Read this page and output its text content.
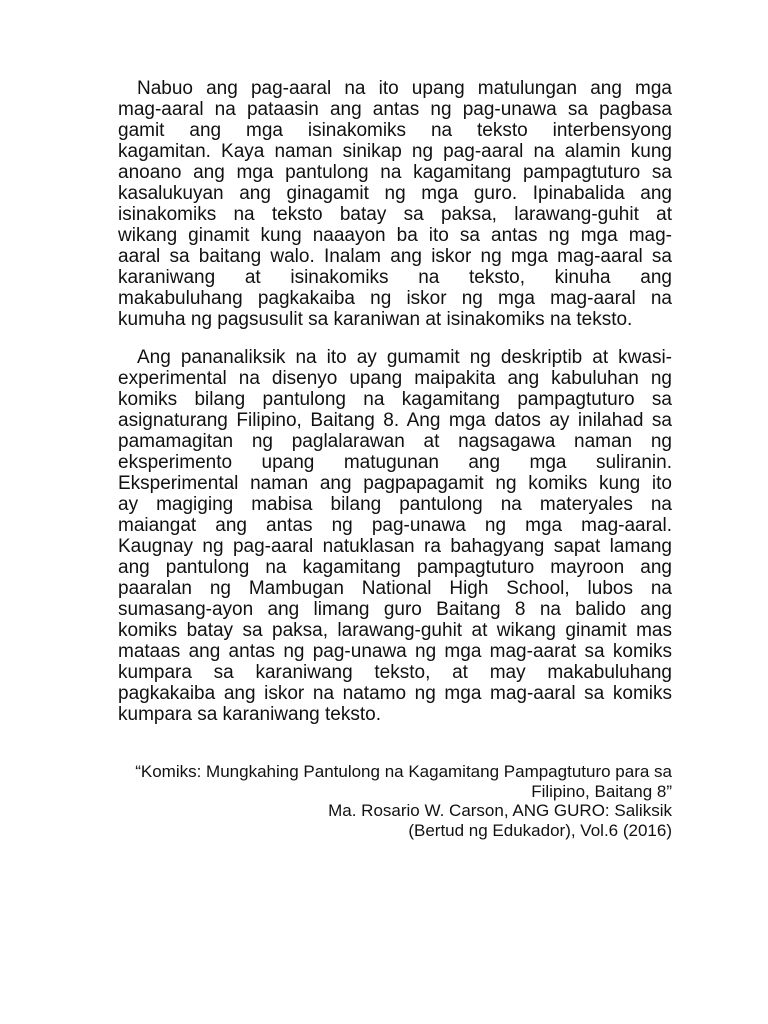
Nabuo ang pag-aaral na ito upang matulungan ang mga
mag-aaral na pataasin ang antas ng pag-unawa sa pagbasa
gamit ang mga isinakomiks na teksto interbensyong
kagamitan. Kaya naman sinikap ng pag-aaral na alamin kung
anoano ang mga pantulong na kagamitang pampagtuturo sa
kasalukuyan ang ginagamit ng mga guro. Ipinabalida ang
isinakomiks na teksto batay sa paksa, larawang-guhit at
wikang ginamit kung naaayon ba ito sa antas ng mga mag-
aaral sa baitang walo. Inalam ang iskor ng mga mag-aaral sa
karaniwang at isinakomiks na teksto, kinuha ang
makabuluhang pagkakaiba ng iskor ng mga mag-aaral na
kumuha ng pagsusulit sa karaniwan at isinakomiks na teksto.
Ang pananaliksik na ito ay gumamit ng deskriptib at kwasi-
experimental na disenyo upang maipakita ang kabuluhan ng
komiks bilang pantulong na kagamitang pampagtuturo sa
asignaturang Filipino, Baitang 8. Ang mga datos ay inilahad sa
pamamagitan ng paglalarawan at nagsagawa naman ng
eksperimento upang matugunan ang mga suliranin.
Eksperimental naman ang pagpapagamit ng komiks kung ito
ay magiging mabisa bilang pantulong na materyales na
maiangat ang antas ng pag-unawa ng mga mag-aaral.
Kaugnay ng pag-aaral natuklasan ra bahagyang sapat lamang
ang pantulong na kagamitang pampagtuturo mayroon ang
paaralan ng Mambugan National High School, lubos na
sumasang-ayon ang limang guro Baitang 8 na balido ang
komiks batay sa paksa, larawang-guhit at wikang ginamit mas
mataas ang antas ng pag-unawa ng mga mag-aarat sa komiks
kumpara sa karaniwang teksto, at may makabuluhang
pagkakaiba ang iskor na natamo ng mga mag-aaral sa komiks
kumpara sa karaniwang teksto.
“Komiks: Mungkahing Pantulong na Kagamitang Pampagtuturo para sa
Filipino, Baitang 8”
Ma. Rosario W. Carson, ANG GURO: Saliksik
(Bertud ng Edukador), Vol.6 (2016)
